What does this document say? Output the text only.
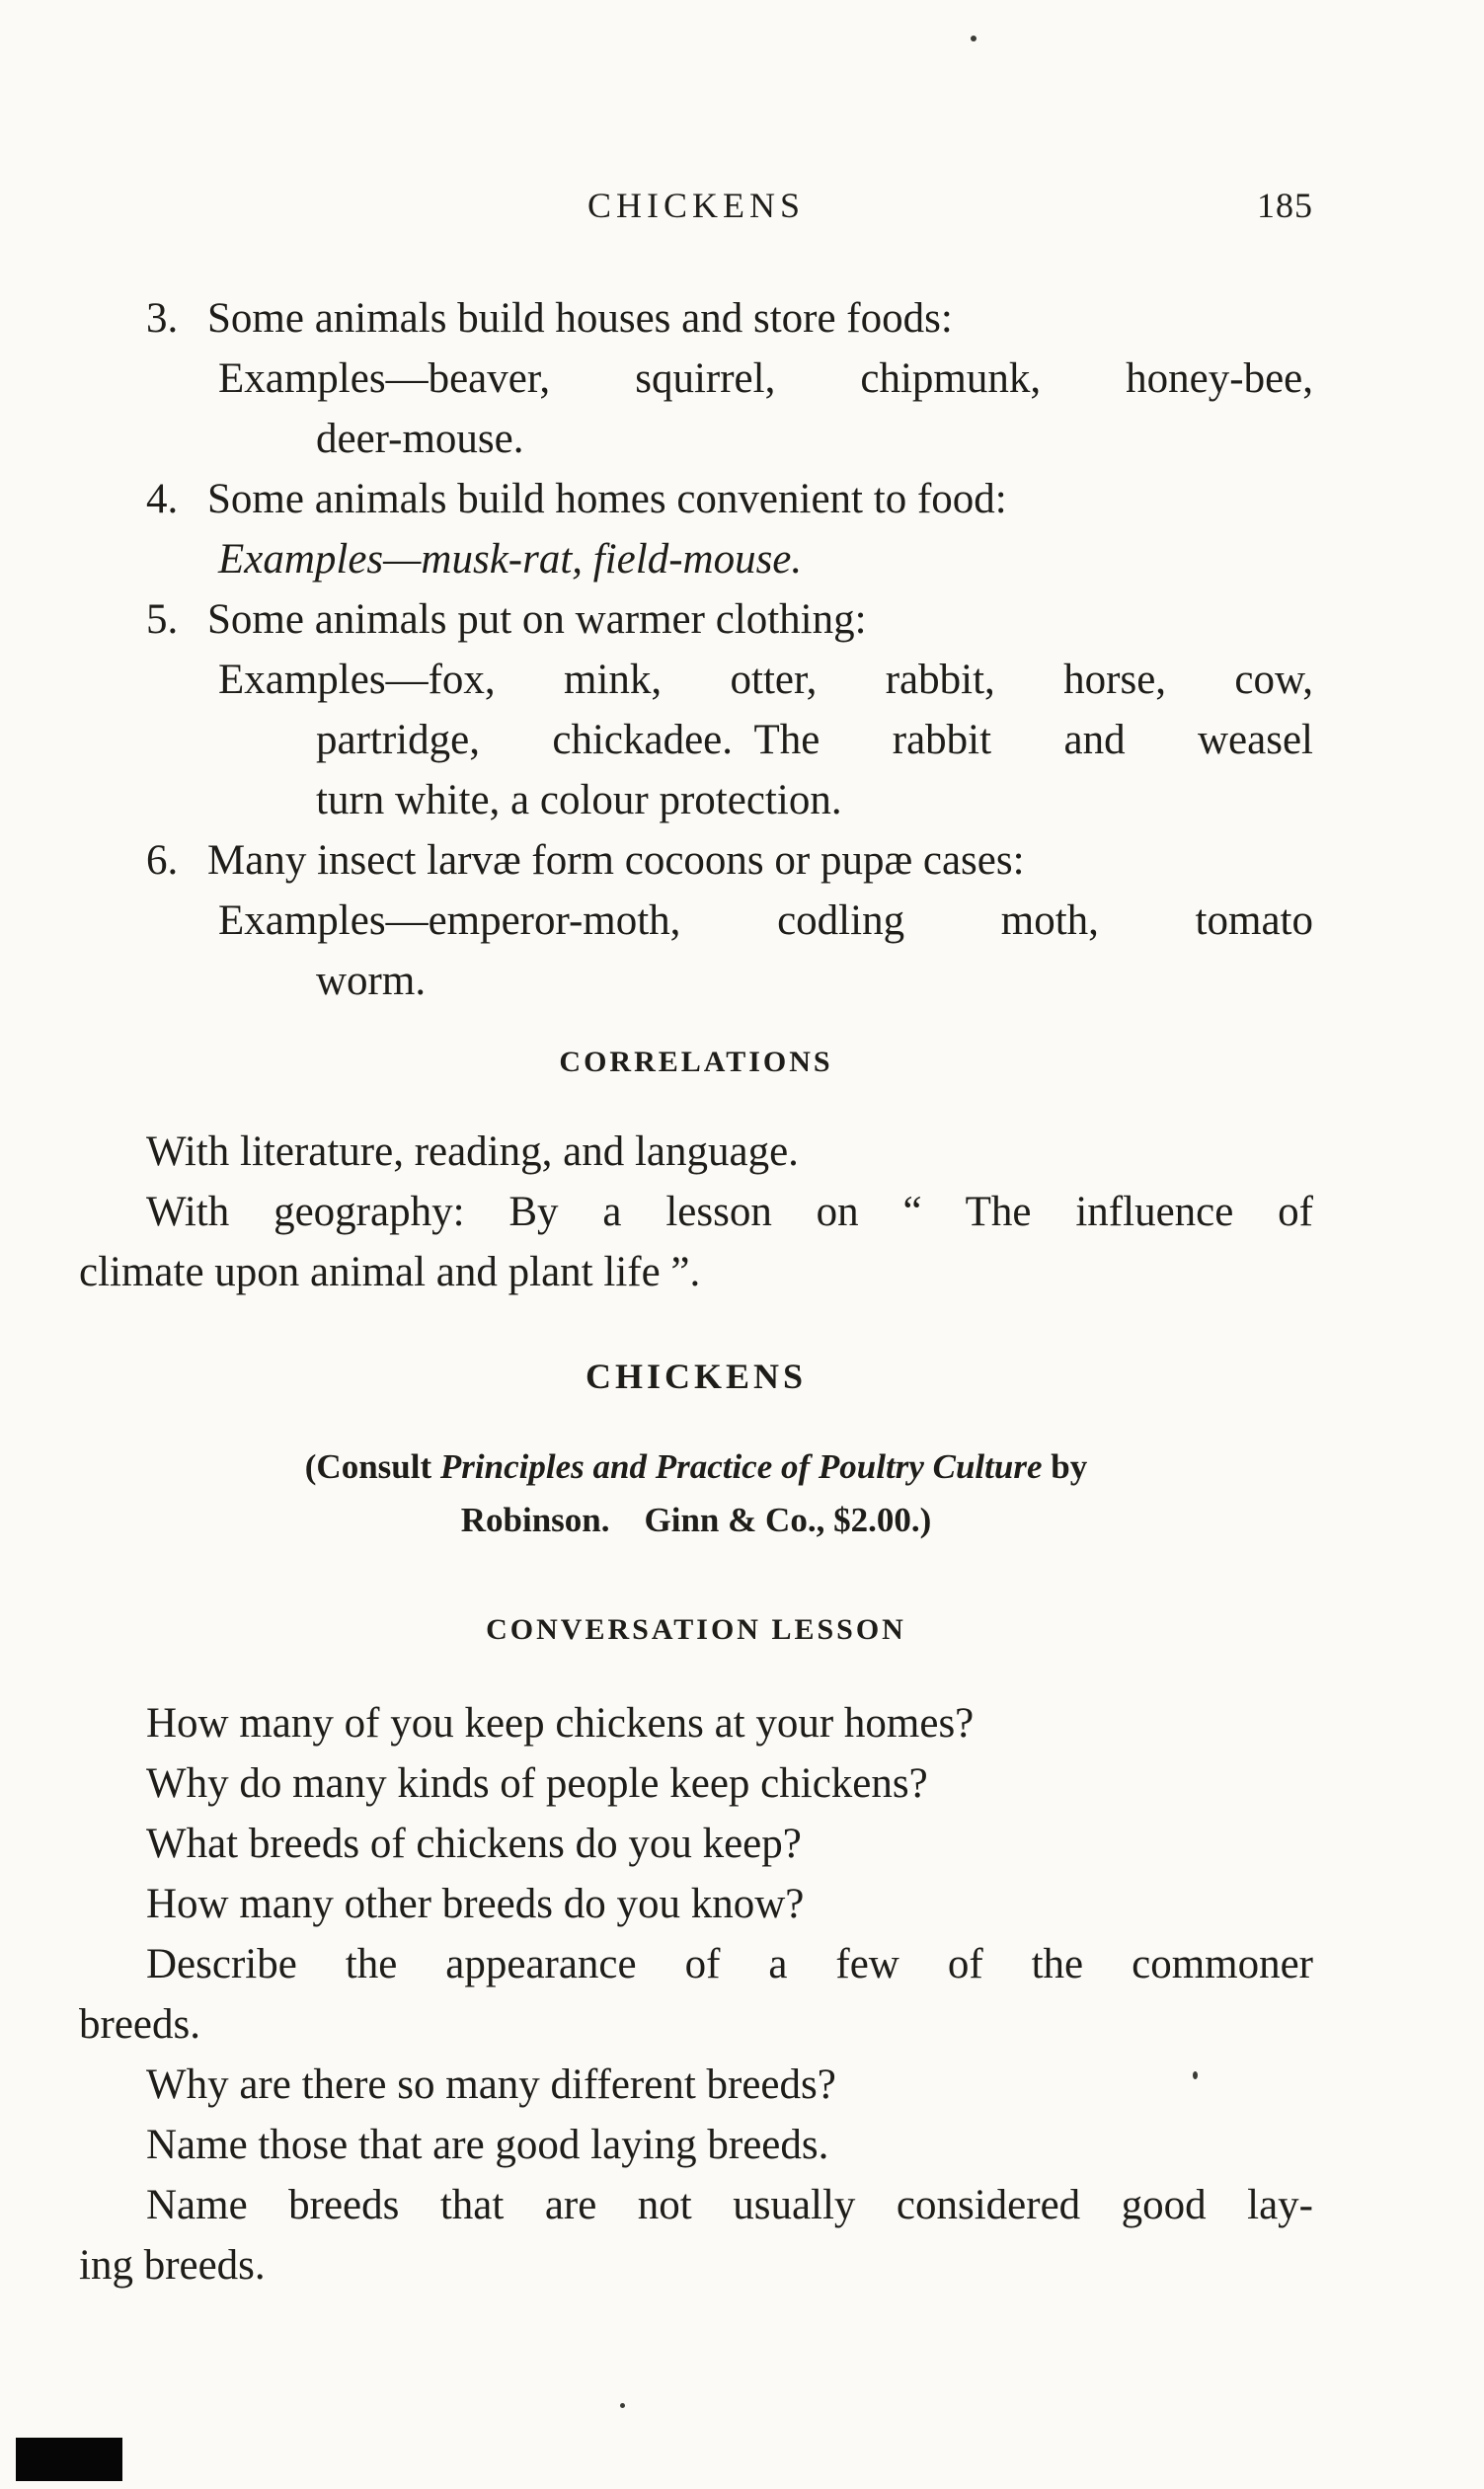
CHICKENS	185

3. Some animals build houses and store foods:

Examples—beaver, squirrel, chipmunk, honey-bee,

deer-mouse.

4. Some animals build homes convenient to food:

Examples—musk-rat, field-mouse.

5. Some animals put on warmer clothing:

Examples—fox, mink, otter, rabbit, horse, cow,

partridge, chickadee. The rabbit and weasel

turn white, a colour protection.

6. Many insect larvæ form cocoons or pupæ cases:

Examples—emperor-moth, codling moth, tomato

worm.

CORRELATIONS

With literature, reading, and language.

With geography: By a lesson on “ The influence of

climate upon animal and plant life ”.

CHICKENS

(Consult Principles and Practice of Poultry Culture by

Robinson. Ginn & Co., $2.00.)

CONVERSATION LESSON

How many of you keep chickens at your homes?

Why do many kinds of people keep chickens?

What breeds of chickens do you keep?

How many other breeds do you know?

Describe the appearance of a few of the commoner

breeds.

Why are there so many different breeds?

Name those that are good laying breeds.

Name breeds that are not usually considered good lay-

ing breeds.
